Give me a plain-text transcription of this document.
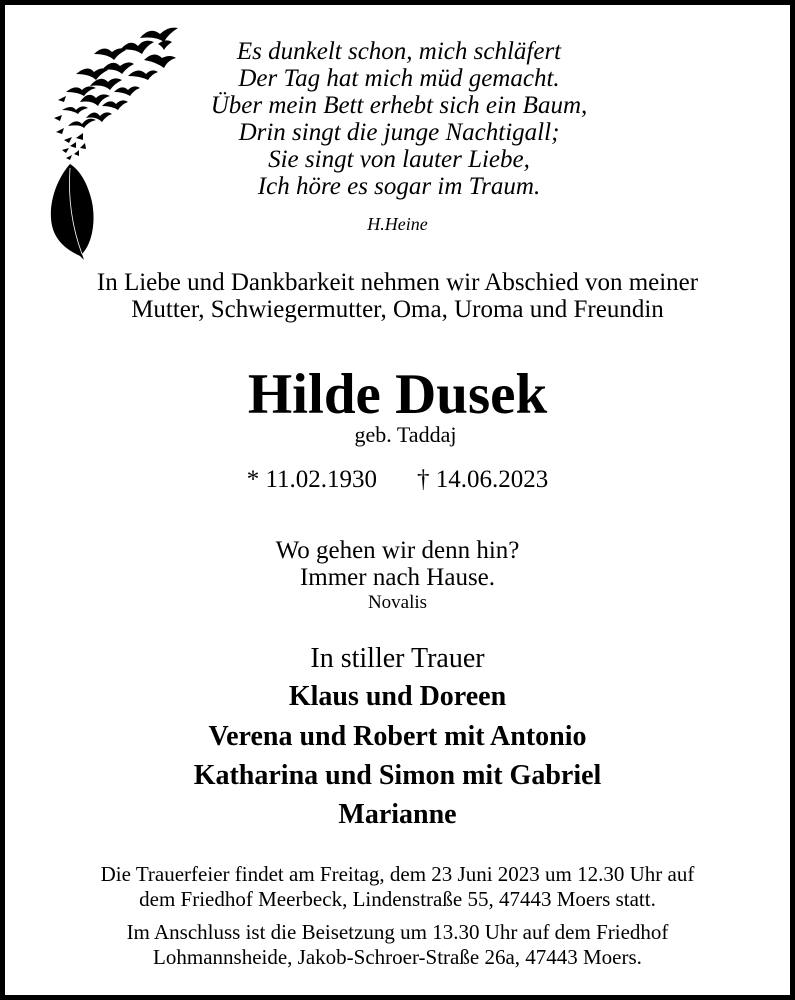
Es dunkelt schon, mich schläfert
Der Tag hat mich müd gemacht.
Über mein Bett erhebt sich ein Baum,
Drin singt die junge Nachtigall;
Sie singt von lauter Liebe,
Ich höre es sogar im Traum.
H.Heine
In Liebe und Dankbarkeit nehmen wir Abschied von meiner
Mutter, Schwiegermutter, Oma, Uroma und Freundin
Hilde Dusek
geb. Taddaj
* 11.02.1930 † 14.06.2023
Wo gehen wir denn hin?
Immer nach Hause.
Novalis
In stiller Trauer
Klaus und Doreen
Verena und Robert mit Antonio
Katharina und Simon mit Gabriel
Marianne
Die Trauerfeier findet am Freitag, dem 23 Juni 2023 um 12.30 Uhr auf
dem Friedhof Meerbeck, Lindenstraße 55, 47443 Moers statt.
Im Anschluss ist die Beisetzung um 13.30 Uhr auf dem Friedhof
Lohmannsheide, Jakob-Schroer-Straße 26a, 47443 Moers.
